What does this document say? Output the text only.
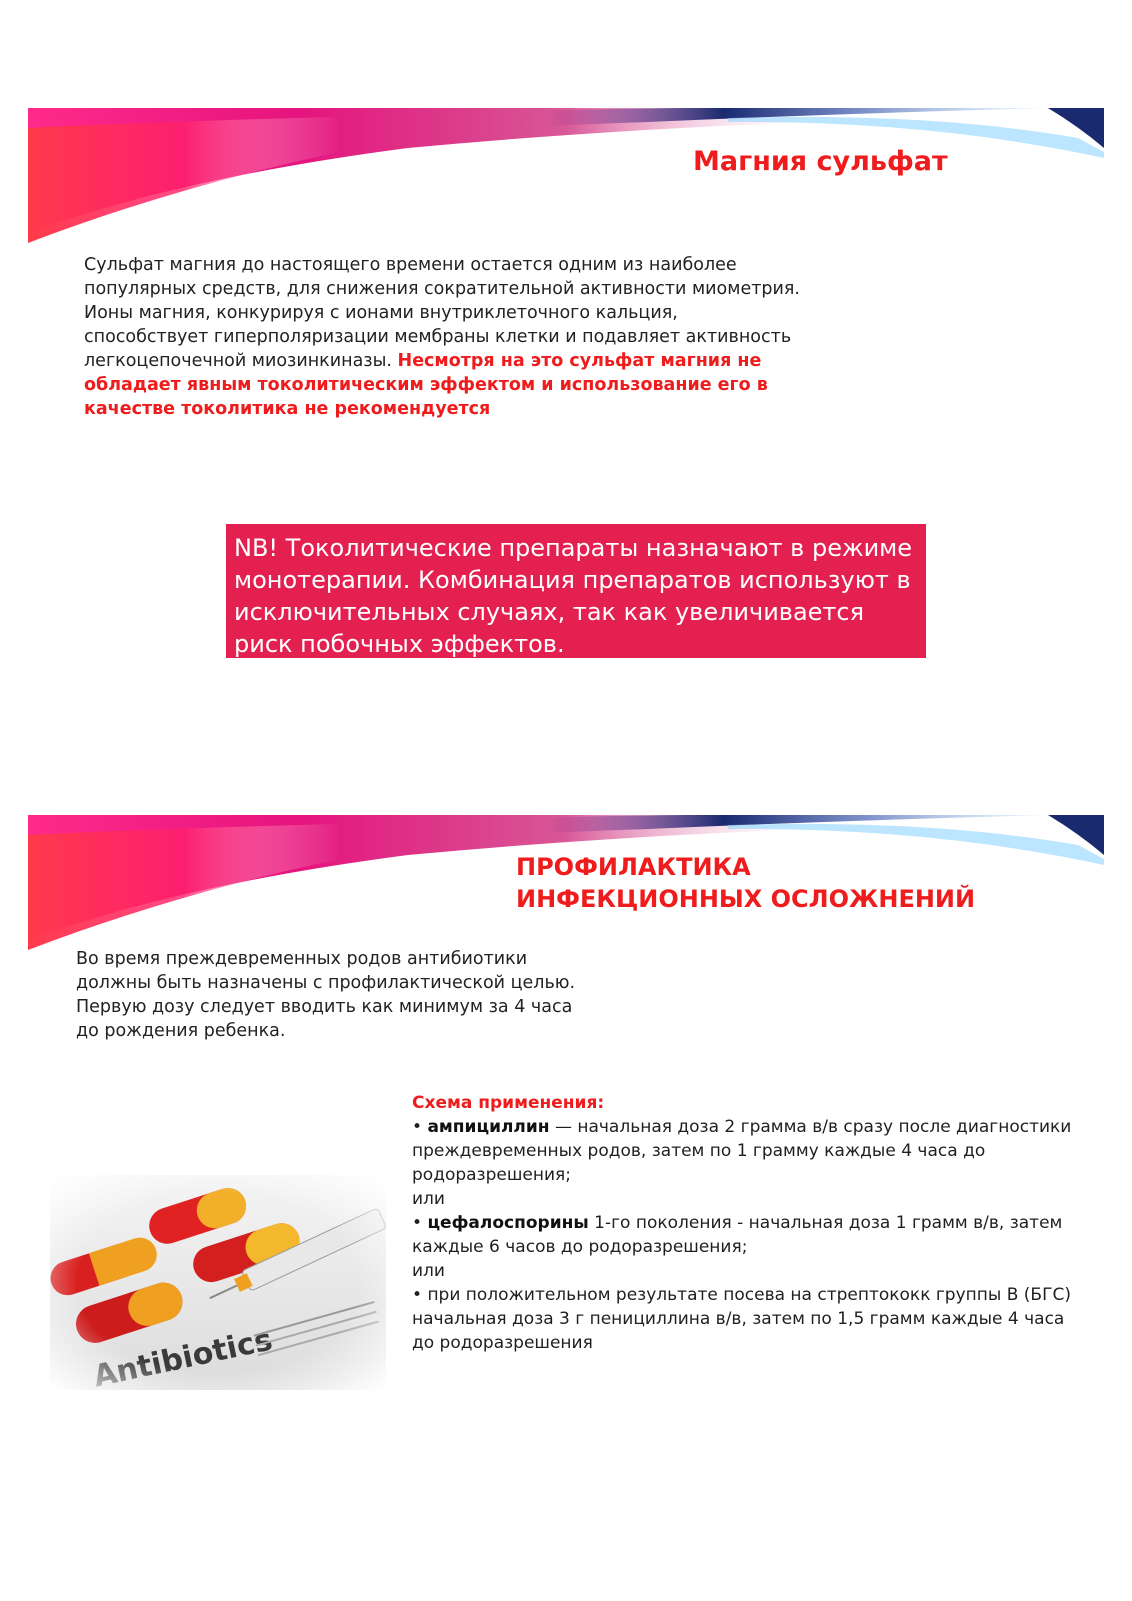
Магния сульфат
Сульфат магния до настоящего времени остается одним из наиболее популярных средств, для снижения сократительной активности миометрия. Ионы магния, конкурируя с ионами внутриклеточного кальция, способствует гиперполяризации мембраны клетки и подавляет активность легкоцепочечной миозинкиназы. Несмотря на это сульфат магния не обладает явным токолитическим эффектом и использование его в качестве токолитика не рекомендуется
NB! Токолитические препараты назначают в режиме монотерапии. Комбинация препаратов используют в исключительных случаях, так как увеличивается риск побочных эффектов.
ПРОФИЛАКТИКА ИНФЕКЦИОННЫХ ОСЛОЖНЕНИЙ
Во время преждевременных родов антибиотики должны быть назначены с профилактической целью. Первую дозу следует вводить как минимум за 4 часа до рождения ребенка.
Схема применения:
• ампициллин — начальная доза 2 грамма в/в сразу после диагностики преждевременных родов, затем по 1 грамму каждые 4 часа до родоразрешения;
или
• цефалоспорины 1-го поколения - начальная доза 1 грамм в/в, затем каждые 6 часов до родоразрешения;
или
• при положительном результате посева на стрептококк группы В (БГС) начальная доза 3 г пенициллина в/в, затем по 1,5 грамм каждые 4 часа до родоразрешения
